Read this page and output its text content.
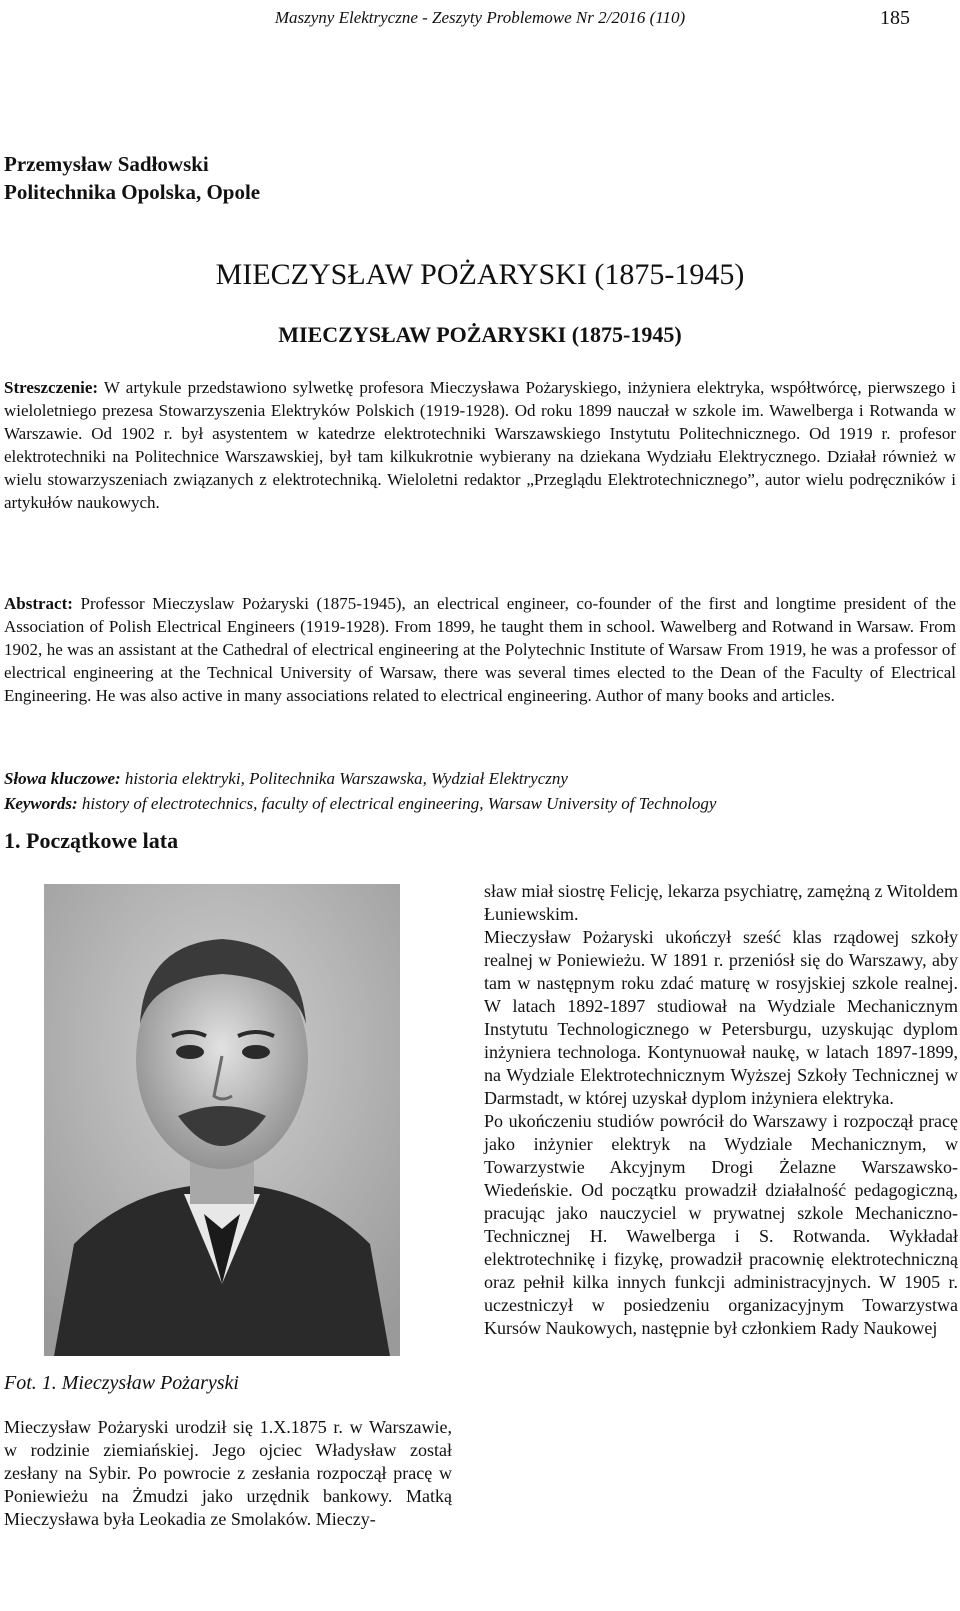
Maszyny Elektryczne - Zeszyty Problemowe Nr 2/2016 (110)	185
Przemysław Sadłowski
Politechnika Opolska, Opole
MIECZYSŁAW POŻARYSKI (1875-1945)
MIECZYSŁAW POŻARYSKI (1875-1945)

Streszczenie: W artykule przedstawiono sylwetkę profesora Mieczysława Pożaryskiego, inżyniera elektryka, współtwórcę, pierwszego i wieloletniego prezesa Stowarzyszenia Elektryków Polskich (1919-1928). Od roku 1899 nauczał w szkole im. Wawelberga i Rotwanda w Warszawie. Od 1902 r. był asystentem w katedrze elektrotechniki Warszawskiego Instytutu Politechnicznego. Od 1919 r. profesor elektrotechniki na Politechnice Warszawskiej, był tam kilkukrotnie wybierany na dziekana Wydziału Elektrycznego. Działał również w wielu stowarzyszeniach związanych z elektrotechniką. Wieloletni redaktor „Przeglądu Elektrotechnicznego”, autor wielu podręczników i artykułów naukowych.

Abstract: Professor Mieczyslaw Pożaryski (1875-1945), an electrical engineer, co-founder of the first and longtime president of the Association of Polish Electrical Engineers (1919-1928). From 1899, he taught them in school. Wawelberg and Rotwand in Warsaw. From 1902, he was an assistant at the Cathedral of electrical engineering at the Polytechnic Institute of Warsaw From 1919, he was a professor of electrical engineering at the Technical University of Warsaw, there was several times elected to the Dean of the Faculty of Electrical Engineering. He was also active in many associations related to electrical engineering. Author of many books and articles.

Słowa kluczowe: historia elektryki, Politechnika Warszawska, Wydział Elektryczny
Keywords: history of electrotechnics, faculty of electrical engineering, Warsaw University of Technology
1. Początkowe lata
Fot. 1. Mieczysław Pożaryski

Mieczysław Pożaryski urodził się 1.X.1875 r. w Warszawie, w rodzinie ziemiańskiej. Jego ojciec Władysław został zesłany na Sybir. Po powrocie z zesłania rozpoczął pracę w Poniewieżu na Żmudzi jako urzędnik bankowy. Matką Mieczysława była Leokadia ze Smolaków. Mieczy-

sław miał siostrę Felicję, lekarza psychiatrę, zamężną z Witoldem Łuniewskim.

Mieczysław Pożaryski ukończył sześć klas rządowej szkoły realnej w Poniewieżu. W 1891 r. przeniósł się do Warszawy, aby tam w następnym roku zdać maturę w rosyjskiej szkole realnej. W latach 1892-1897 studiował na Wydziale Mechanicznym Instytutu Technologicznego w Petersburgu, uzyskując dyplom inżyniera technologa. Kontynuował naukę, w latach 1897-1899, na Wydziale Elektrotechnicznym Wyższej Szkoły Technicznej w Darmstadt, w której uzyskał dyplom inżyniera elektryka.

Po ukończeniu studiów powrócił do Warszawy i rozpoczął pracę jako inżynier elektryk na Wydziale Mechanicznym, w Towarzystwie Akcyjnym Drogi Żelazne Warszawsko-Wiedeńskie. Od początku prowadził działalność pedagogiczną, pracując jako nauczyciel w prywatnej szkole Mechaniczno-Technicznej H. Wawelberga i S. Rotwanda. Wykładał elektrotechnikę i fizykę, prowadził pracownię elektrotechniczną oraz pełnił kilka innych funkcji administracyjnych. W 1905 r. uczestniczył w posiedzeniu organizacyjnym Towarzystwa Kursów Naukowych, następnie był członkiem Rady Naukowej
